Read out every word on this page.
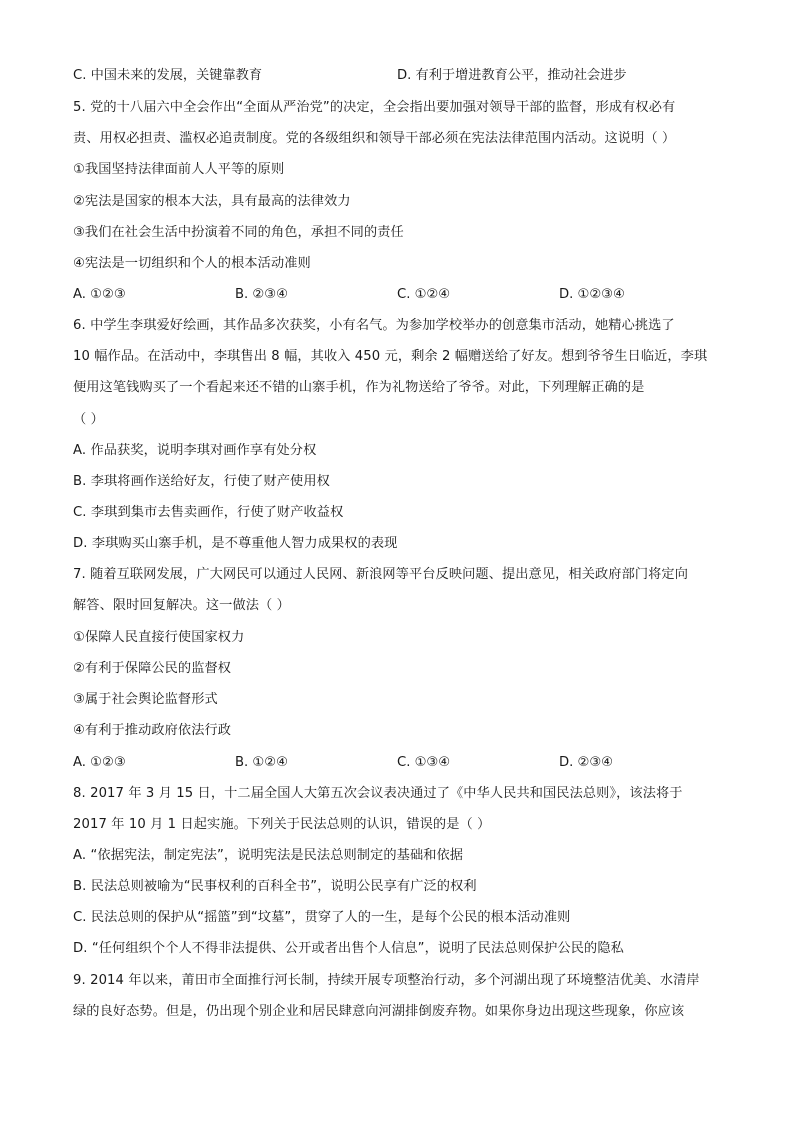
C. 中国未来的发展，关键靠教育	D. 有利于增进教育公平，推动社会进步
5. 党的十八届六中全会作出“全面从严治党”的决定，全会指出要加强对领导干部的监督，形成有权必有
责、用权必担责、滥权必追责制度。党的各级组织和领导干部必须在宪法法律范围内活动。这说明（ ）
①我国坚持法律面前人人平等的原则
②宪法是国家的根本大法，具有最高的法律效力
③我们在社会生活中扮演着不同的角色，承担不同的责任
④宪法是一切组织和个人的根本活动准则
A. ①②③	B. ②③④	C. ①②④	D. ①②③④
6. 中学生李琪爱好绘画，其作品多次获奖，小有名气。为参加学校举办的创意集市活动，她精心挑选了
10 幅作品。在活动中，李琪售出 8 幅，其收入 450 元，剩余 2 幅赠送给了好友。想到爷爷生日临近，李琪
便用这笔钱购买了一个看起来还不错的山寨手机，作为礼物送给了爷爷。对此，下列理解正确的是
（ ）
A. 作品获奖，说明李琪对画作享有处分权
B. 李琪将画作送给好友，行使了财产使用权
C. 李琪到集市去售卖画作，行使了财产收益权
D. 李琪购买山寨手机，是不尊重他人智力成果权的表现
7. 随着互联网发展，广大网民可以通过人民网、新浪网等平台反映问题、提出意见，相关政府部门将定向
解答、限时回复解决。这一做法（ ）
①保障人民直接行使国家权力
②有利于保障公民的监督权
③属于社会舆论监督形式
④有利于推动政府依法行政
A. ①②③	B. ①②④	C. ①③④	D. ②③④
8. 2017 年 3 月 15 日，十二届全国人大第五次会议表决通过了《中华人民共和国民法总则》，该法将于
2017 年 10 月 1 日起实施。下列关于民法总则的认识，错误的是（ ）
A. “依据宪法，制定宪法”，说明宪法是民法总则制定的基础和依据
B. 民法总则被喻为“民事权利的百科全书”，说明公民享有广泛的权利
C. 民法总则的保护从“摇篮”到“坟墓”，贯穿了人的一生，是每个公民的根本活动准则
D. “任何组织个个人不得非法提供、公开或者出售个人信息”，说明了民法总则保护公民的隐私
9. 2014 年以来，莆田市全面推行河长制，持续开展专项整治行动，多个河湖出现了环境整洁优美、水清岸
绿的良好态势。但是，仍出现个别企业和居民肆意向河湖排倒废弃物。如果你身边出现这些现象，你应该
